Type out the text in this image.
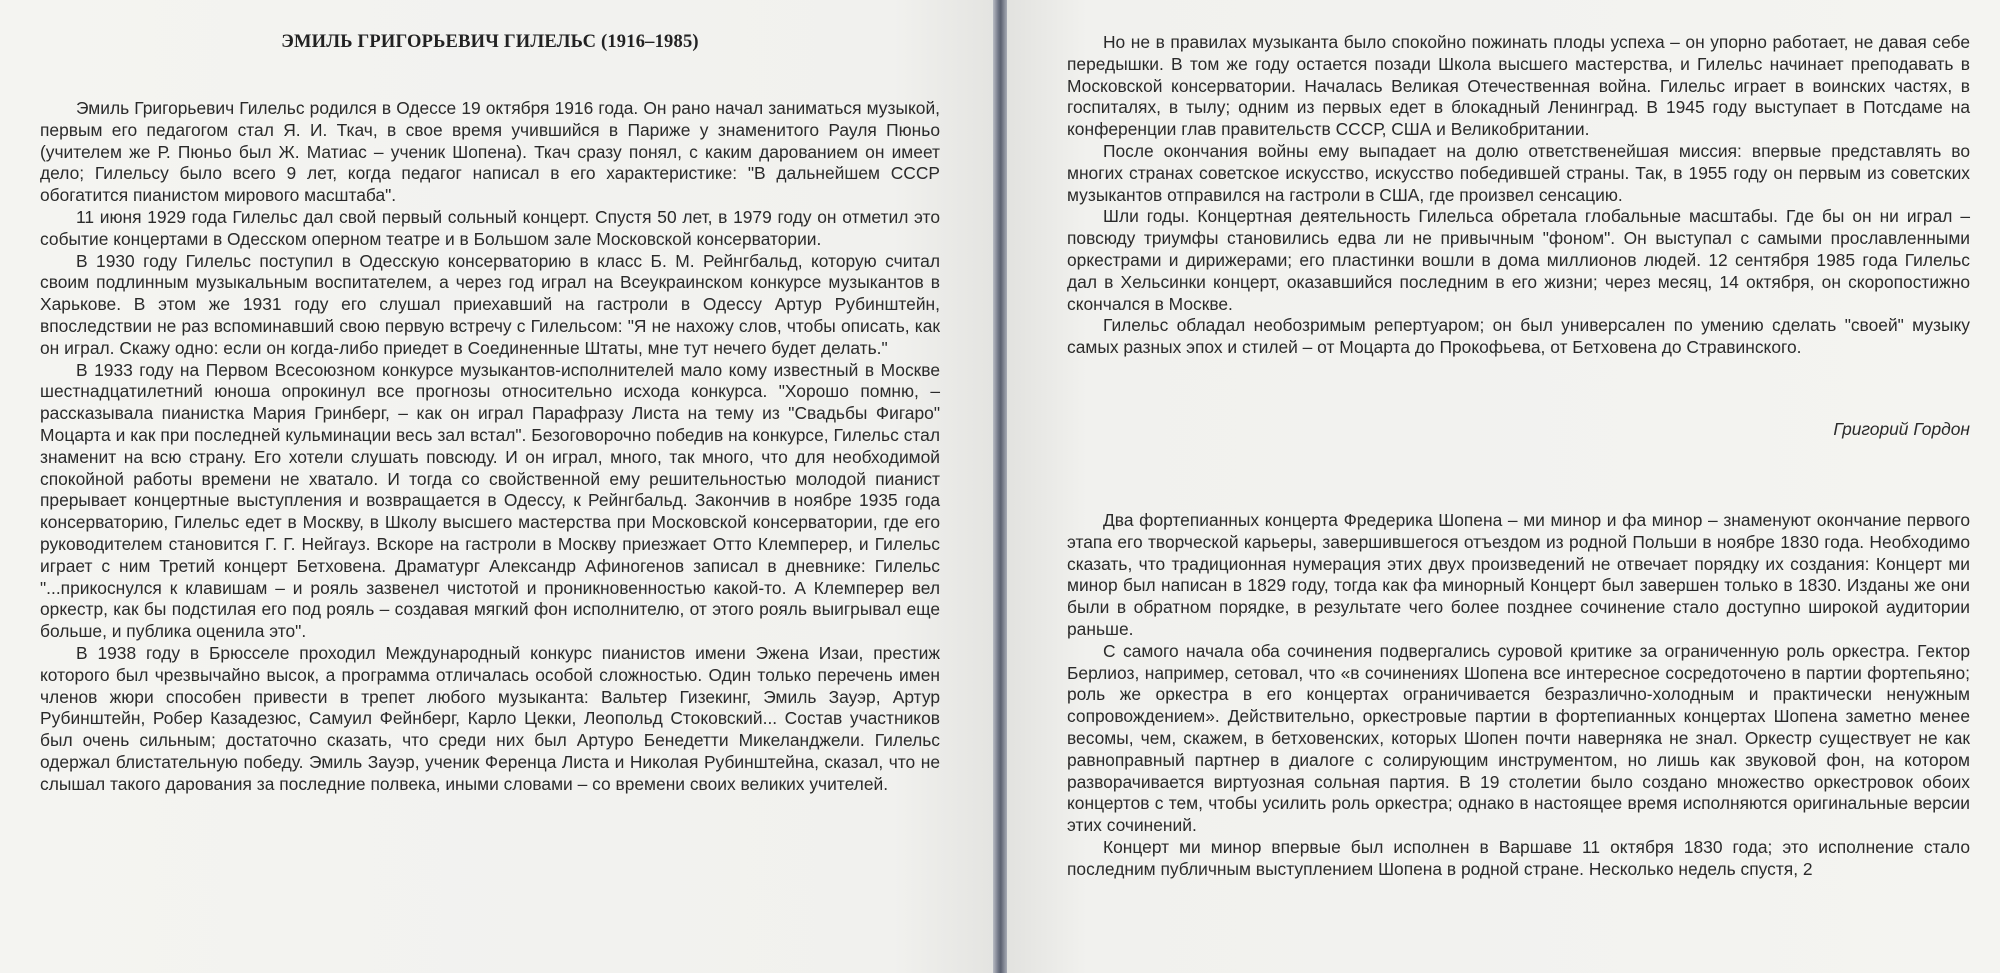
ЭМИЛЬ ГРИГОРЬЕВИЧ ГИЛЕЛЬС (1916–1985)

Эмиль Григорьевич Гилельс родился в Одессе 19 октября 1916 года. Он рано начал заниматься музыкой, первым его педагогом стал Я. И. Ткач, в свое время учившийся в Париже у знаменитого Рауля Пюньо (учителем же Р. Пюньо был Ж. Матиас – ученик Шопена). Ткач сразу понял, с каким дарованием он имеет дело; Гилельсу было всего 9 лет, когда педагог написал в его характеристике: "В дальнейшем СССР обогатится пианистом мирового масштаба".

11 июня 1929 года Гилельс дал свой первый сольный концерт. Спустя 50 лет, в 1979 году он отметил это событие концертами в Одесском оперном театре и в Большом зале Московской консерватории.

В 1930 году Гилельс поступил в Одесскую консерваторию в класс Б. М. Рейнгбальд, которую считал своим подлинным музыкальным воспитателем, а через год играл на Всеукраинском конкурсе музыкантов в Харькове. В этом же 1931 году его слушал приехавший на гастроли в Одессу Артур Рубинштейн, впоследствии не раз вспоминавший свою первую встречу с Гилельсом: "Я не нахожу слов, чтобы описать, как он играл. Скажу одно: если он когда-либо приедет в Соединенные Штаты, мне тут нечего будет делать."

В 1933 году на Первом Всесоюзном конкурсе музыкантов-исполнителей мало кому известный в Москве шестнадцатилетний юноша опрокинул все прогнозы относительно исхода конкурса. "Хорошо помню, – рассказывала пианистка Мария Гринберг, – как он играл Парафразу Листа на тему из "Свадьбы Фигаро" Моцарта и как при последней кульминации весь зал встал". Безоговорочно победив на конкурсе, Гилельс стал знаменит на всю страну. Его хотели слушать повсюду. И он играл, много, так много, что для необходимой спокойной работы времени не хватало. И тогда со свойственной ему решительностью молодой пианист прерывает концертные выступления и возвращается в Одессу, к Рейнгбальд. Закончив в ноябре 1935 года консерваторию, Гилельс едет в Москву, в Школу высшего мастерства при Московской консерватории, где его руководителем становится Г. Г. Нейгауз. Вскоре на гастроли в Москву приезжает Отто Клемперер, и Гилельс играет с ним Третий концерт Бетховена. Драматург Александр Афиногенов записал в дневнике: Гилельс "...прикоснулся к клавишам – и рояль зазвенел чистотой и проникновенностью какой-то. А Клемперер вел оркестр, как бы подстилая его под рояль – создавая мягкий фон исполнителю, от этого рояль выигрывал еще больше, и публика оценила это".

В 1938 году в Брюсселе проходил Международный конкурс пианистов имени Эжена Изаи, престиж которого был чрезвычайно высок, а программа отличалась особой сложностью. Один только перечень имен членов жюри способен привести в трепет любого музыканта: Вальтер Гизекинг, Эмиль Зауэр, Артур Рубинштейн, Робер Казадезюс, Самуил Фейнберг, Карло Цекки, Леопольд Стоковский... Состав участников был очень сильным; достаточно сказать, что среди них был Артуро Бенедетти Микеланджели. Гилельс одержал блистательную победу. Эмиль Зауэр, ученик Ференца Листа и Николая Рубинштейна, сказал, что не слышал такого дарования за последние полвека, иными словами – со времени своих великих учителей.

Но не в правилах музыканта было спокойно пожинать плоды успеха – он упорно работает, не давая себе передышки. В том же году остается позади Школа высшего мастерства, и Гилельс начинает преподавать в Московской консерватории. Началась Великая Отечественная война. Гилельс играет в воинских частях, в госпиталях, в тылу; одним из первых едет в блокадный Ленинград. В 1945 году выступает в Потсдаме на конференции глав правительств СССР, США и Великобритании.

После окончания войны ему выпадает на долю ответственейшая миссия: впервые представлять во многих странах советское искусство, искусство победившей страны. Так, в 1955 году он первым из советских музыкантов отправился на гастроли в США, где произвел сенсацию.

Шли годы. Концертная деятельность Гилельса обретала глобальные масштабы. Где бы он ни играл – повсюду триумфы становились едва ли не привычным "фоном". Он выступал с самыми прославленными оркестрами и дирижерами; его пластинки вошли в дома миллионов людей. 12 сентября 1985 года Гилельс дал в Хельсинки концерт, оказавшийся последним в его жизни; через месяц, 14 октября, он скоропостижно скончался в Москве.

Гилельс обладал необозримым репертуаром; он был универсален по умению сделать "своей" музыку самых разных эпох и стилей – от Моцарта до Прокофьева, от Бетховена до Стравинского.

Григорий Гордон

Два фортепианных концерта Фредерика Шопена – ми минор и фа минор – знаменуют окончание первого этапа его творческой карьеры, завершившегося отъездом из родной Польши в ноябре 1830 года. Необходимо сказать, что традиционная нумерация этих двух произведений не отвечает порядку их создания: Концерт ми минор был написан в 1829 году, тогда как фа минорный Концерт был завершен только в 1830. Изданы же они были в обратном порядке, в результате чего более позднее сочинение стало доступно широкой аудитории раньше.

С самого начала оба сочинения подвергались суровой критике за ограниченную роль оркестра. Гектор Берлиоз, например, сетовал, что «в сочинениях Шопена все интересное сосредоточено в партии фортепьяно; роль же оркестра в его концертах ограничивается безразлично-холодным и практически ненужным сопровождением». Действительно, оркестровые партии в фортепианных концертах Шопена заметно менее весомы, чем, скажем, в бетховенских, которых Шопен почти наверняка не знал. Оркестр существует не как равноправный партнер в диалоге с солирующим инструментом, но лишь как звуковой фон, на котором разворачивается виртуозная сольная партия. В 19 столетии было создано множество оркестровок обоих концертов с тем, чтобы усилить роль оркестра; однако в настоящее время исполняются оригинальные версии этих сочинений.

Концерт ми минор впервые был исполнен в Варшаве 11 октября 1830 года; это исполнение стало последним публичным выступлением Шопена в родной стране. Несколько недель спустя, 2
